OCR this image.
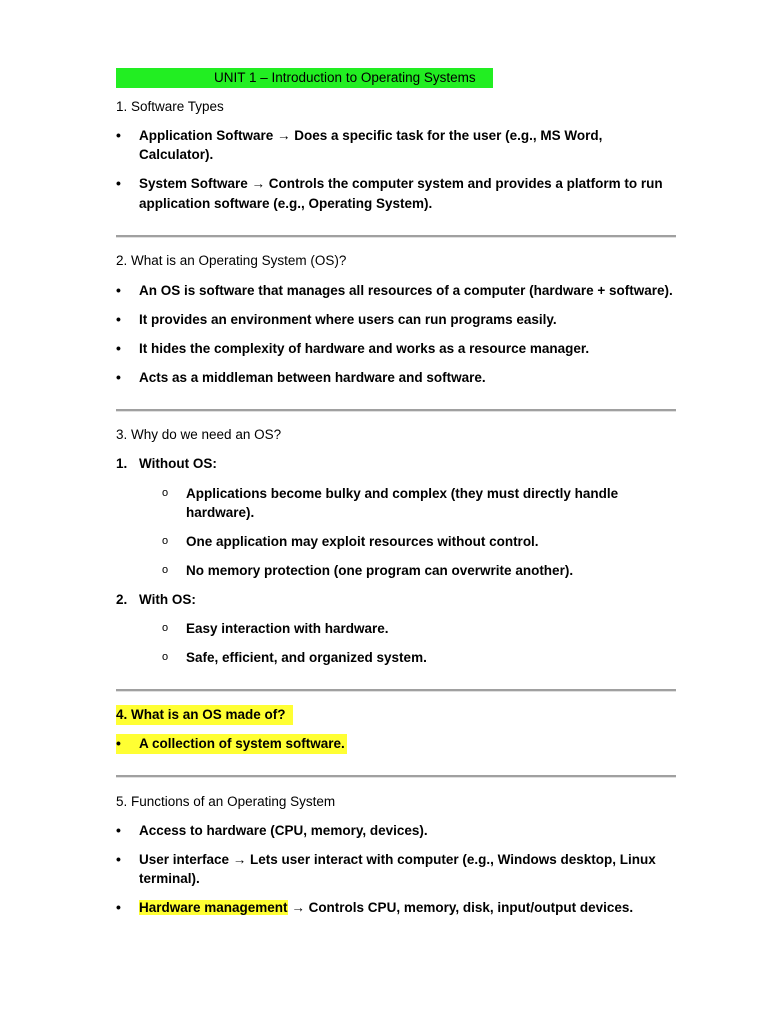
UNIT 1 – Introduction to Operating Systems
1. Software Types
• Application Software → Does a specific task for the user (e.g., MS Word,
Calculator).
• System Software → Controls the computer system and provides a platform to run
application software (e.g., Operating System).
2. What is an Operating System (OS)?
• An OS is software that manages all resources of a computer (hardware + software).
• It provides an environment where users can run programs easily.
• It hides the complexity of hardware and works as a resource manager.
• Acts as a middleman between hardware and software.
3. Why do we need an OS?
1. Without OS:
o Applications become bulky and complex (they must directly handle
hardware).
o One application may exploit resources without control.
o No memory protection (one program can overwrite another).
2. With OS:
o Easy interaction with hardware.
o Safe, efficient, and organized system.
4. What is an OS made of?
• A collection of system software.
5. Functions of an Operating System
• Access to hardware (CPU, memory, devices).
• User interface → Lets user interact with computer (e.g., Windows desktop, Linux
terminal).
• Hardware management → Controls CPU, memory, disk, input/output devices.
